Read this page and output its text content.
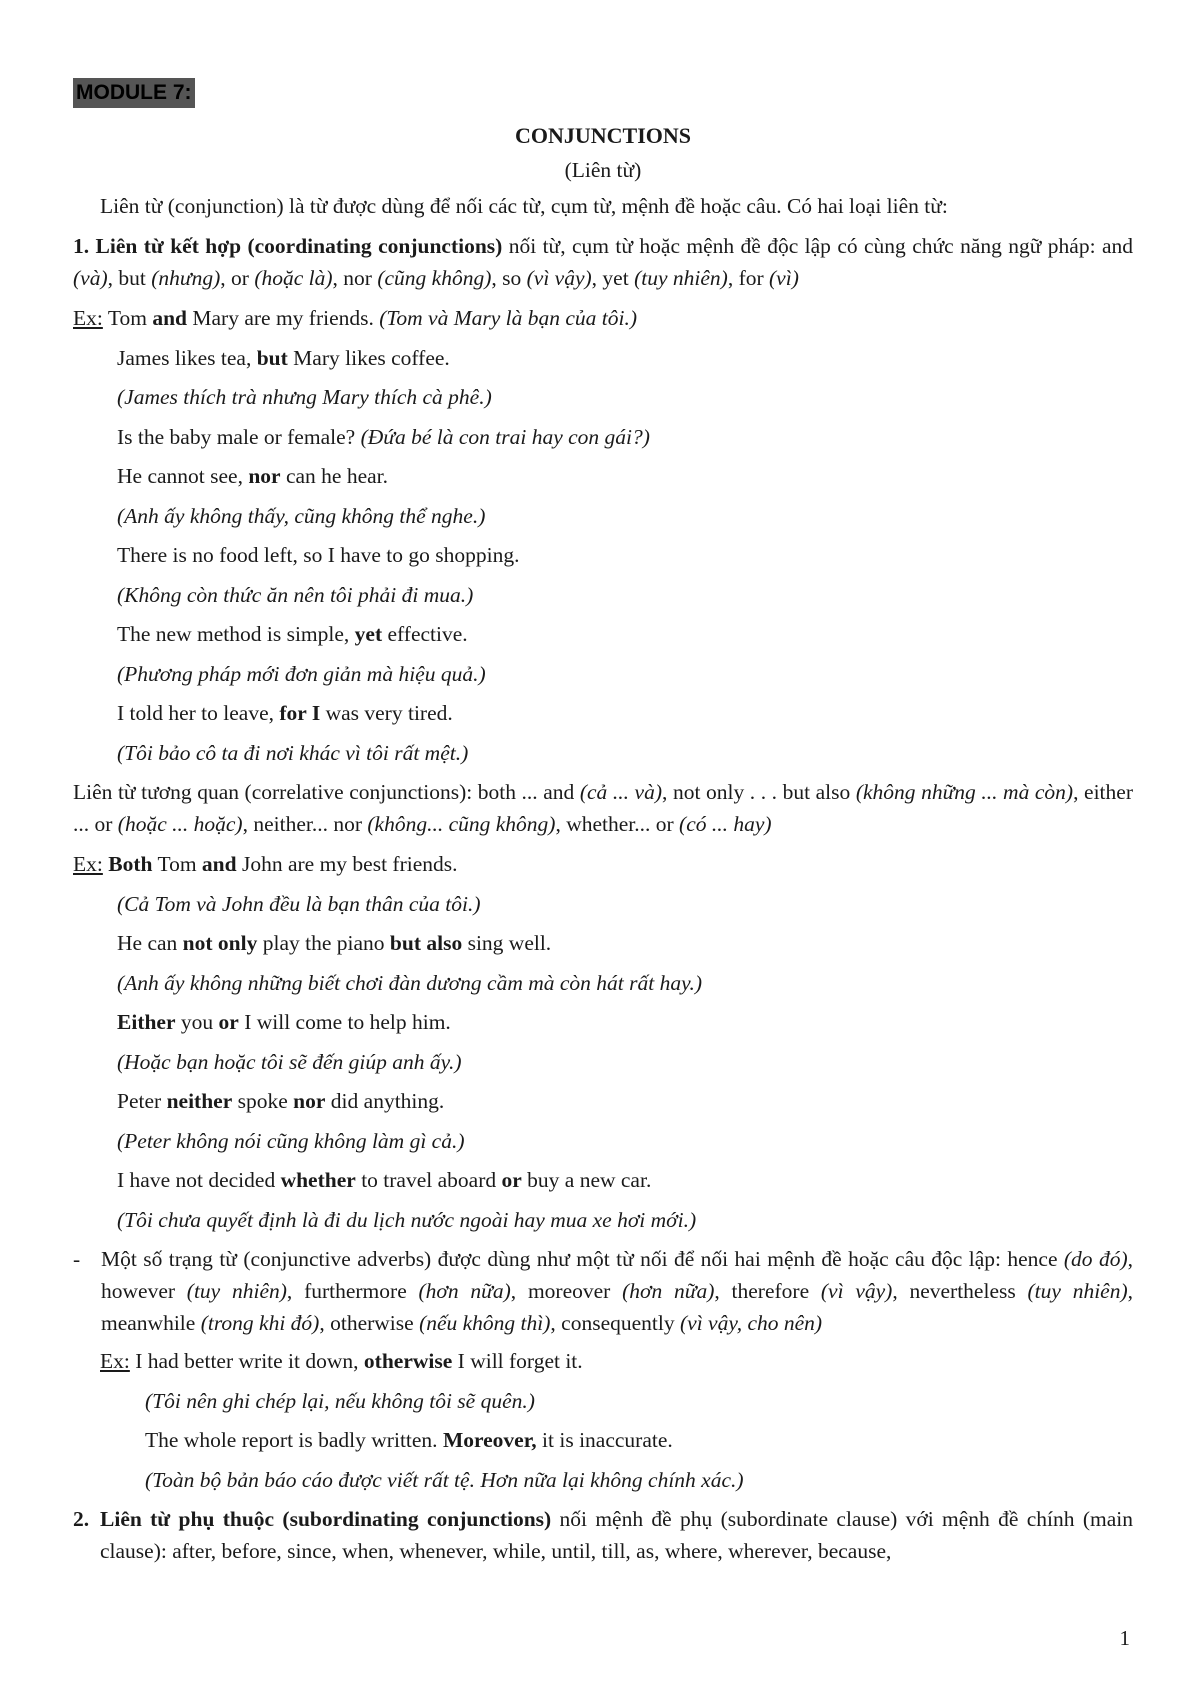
MODULE 7:
CONJUNCTIONS
(Liên từ)
Liên từ (conjunction) là từ được dùng để nối các từ, cụm từ, mệnh đề hoặc câu. Có hai loại liên từ:
1. Liên từ kết hợp (coordinating conjunctions) nối từ, cụm từ hoặc mệnh đề độc lập có cùng chức năng ngữ pháp: and (và), but (nhưng), or (hoặc là), nor (cũng không), so (vì vậy), yet (tuy nhiên), for (vì)
Ex: Tom and Mary are my friends. (Tom và Mary là bạn của tôi.)
James likes tea, but Mary likes coffee.
(James thích trà nhưng Mary thích cà phê.)
Is the baby male or female? (Đứa bé là con trai hay con gái?)
He cannot see, nor can he hear.
(Anh ấy không thấy, cũng không thể nghe.)
There is no food left, so I have to go shopping.
(Không còn thức ăn nên tôi phải đi mua.)
The new method is simple, yet effective.
(Phương pháp mới đơn giản mà hiệu quả.)
I told her to leave, for I was very tired.
(Tôi bảo cô ta đi nơi khác vì tôi rất mệt.)
Liên từ tương quan (correlative conjunctions): both ... and (cả ... và), not only . . . but also (không những ... mà còn), either ... or (hoặc ... hoặc), neither... nor (không... cũng không), whether... or (có ... hay)
Ex: Both Tom and John are my best friends.
(Cả Tom và John đều là bạn thân của tôi.)
He can not only play the piano but also sing well.
(Anh ấy không những biết chơi đàn dương cầm mà còn hát rất hay.)
Either you or I will come to help him.
(Hoặc bạn hoặc tôi sẽ đến giúp anh ấy.)
Peter neither spoke nor did anything.
(Peter không nói cũng không làm gì cả.)
I have not decided whether to travel aboard or buy a new car.
(Tôi chưa quyết định là đi du lịch nước ngoài hay mua xe hơi mới.)
- Một số trạng từ (conjunctive adverbs) được dùng như một từ nối để nối hai mệnh đề hoặc câu độc lập: hence (do đó), however (tuy nhiên), furthermore (hơn nữa), moreover (hơn nữa), therefore (vì vậy), nevertheless (tuy nhiên), meanwhile (trong khi đó), otherwise (nếu không thì), consequently (vì vậy, cho nên)
Ex: I had better write it down, otherwise I will forget it.
(Tôi nên ghi chép lại, nếu không tôi sẽ quên.)
The whole report is badly written. Moreover, it is inaccurate.
(Toàn bộ bản báo cáo được viết rất tệ. Hơn nữa lại không chính xác.)
2. Liên từ phụ thuộc (subordinating conjunctions) nối mệnh đề phụ (subordinate clause) với mệnh đề chính (main clause): after, before, since, when, whenever, while, until, till, as, where, wherever, because,
1
